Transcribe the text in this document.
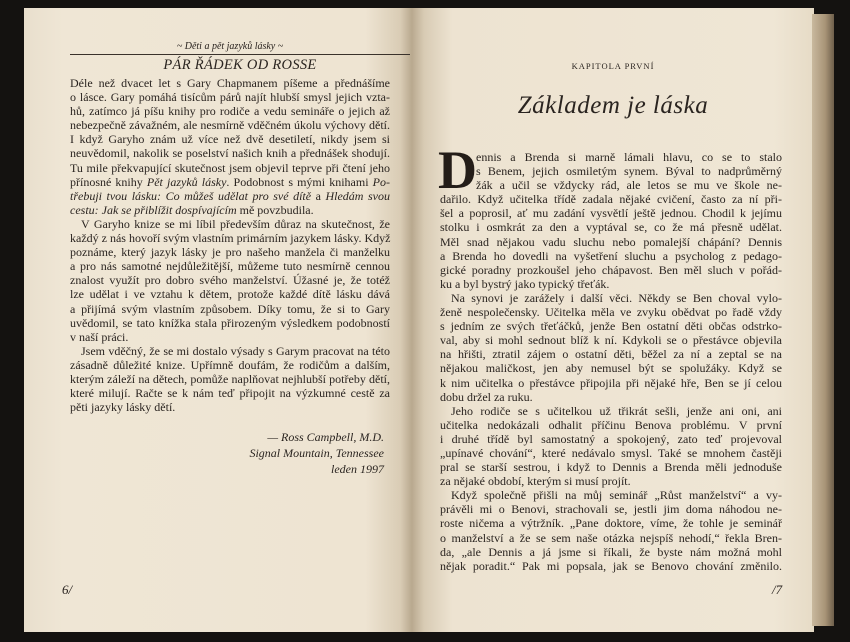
~ Děti a pět jazyků lásky ~
PÁR ŘÁDEK OD ROSSE
Déle než dvacet let s Gary Chapmanem píšeme a přednášíme
o lásce. Gary pomáhá tisícům párů najít hlubší smysl jejich vzta-
hů, zatímco já píšu knihy pro rodiče a vedu semináře o jejich až
nebezpečně závažném, ale nesmírně vděčném úkolu výchovy dětí.
I když Garyho znám už více než dvě desetiletí, nikdy jsem si
neuvědomil, nakolik se poselství našich knih a přednášek shodují.
Tu mile překvapující skutečnost jsem objevil teprve při čtení jeho
přínosné knihy Pět jazyků lásky. Podobnost s mými knihami Po-
třebuji tvou lásku: Co můžeš udělat pro své dítě a Hledám svou
cestu: Jak se přiblížit dospívajícím mě povzbudila.
V Garyho knize se mi líbil především důraz na skutečnost, že
každý z nás hovoří svým vlastním primárním jazykem lásky. Když
poznáme, který jazyk lásky je pro našeho manžela či manželku
a pro nás samotné nejdůležitější, můžeme tuto nesmírně cennou
znalost využít pro dobro svého manželství. Úžasné je, že totéž
lze udělat i ve vztahu k dětem, protože každé dítě lásku dává
a přijímá svým vlastním způsobem. Díky tomu, že si to Gary
uvědomil, se tato knížka stala přirozeným výsledkem podobností
v naší práci.
Jsem vděčný, že se mi dostalo výsady s Garym pracovat na této
zásadně důležité knize. Upřímně doufám, že rodičům a dalším,
kterým záleží na dětech, pomůže naplňovat nejhlubší potřeby dětí,
které milují. Račte se k nám teď připojit na výzkumné cestě za
pěti jazyky lásky dětí.
— Ross Campbell, M.D.
Signal Mountain, Tennessee
leden 1997
6/
KAPITOLA PRVNÍ
Základem je láska
D ennis a Brenda si marně lámali hlavu, co se to stalo
s Benem, jejich osmiletým synem. Býval to nadprůměrný
žák a učil se vždycky rád, ale letos se mu ve škole ne-
dařilo. Když učitelka třídě zadala nějaké cvičení, často za ní při-
šel a poprosil, ať mu zadání vysvětlí ještě jednou. Chodil k jejímu
stolku i osmkrát za den a vyptával se, co že má přesně udělat.
Měl snad nějakou vadu sluchu nebo pomalejší chápání? Dennis
a Brenda ho dovedli na vyšetření sluchu a psycholog z pedago-
gické poradny prozkoušel jeho chápavost. Ben měl sluch v pořád-
ku a byl bystrý jako typický třeťák.
Na synovi je zarážely i další věci. Někdy se Ben choval vylo-
ženě nespolečensky. Učitelka měla ve zvyku obědvat po řadě vždy
s jedním ze svých třeťáčků, jenže Ben ostatní děti občas odstrko-
val, aby si mohl sednout blíž k ní. Kdykoli se o přestávce objevila
na hřišti, ztratil zájem o ostatní děti, běžel za ní a zeptal se na
nějakou maličkost, jen aby nemusel být se spolužáky. Když se
k nim učitelka o přestávce připojila při nějaké hře, Ben se jí celou
dobu držel za ruku.
Jeho rodiče se s učitelkou už třikrát sešli, jenže ani oni, ani
učitelka nedokázali odhalit příčinu Benova problému. V první
i druhé třídě byl samostatný a spokojený, zato teď projevoval
„upínavé chování“, které nedávalo smysl. Také se mnohem častěji
pral se starší sestrou, i když to Dennis a Brenda měli jednoduše
za nějaké období, kterým si musí projít.
Když společně přišli na můj seminář „Růst manželství“ a vy-
právěli mi o Benovi, strachovali se, jestli jim doma náhodou ne-
roste ničema a výtržník. „Pane doktore, víme, že tohle je seminář
o manželství a že se sem naše otázka nejspíš nehodí,“ řekla Bren-
da, „ale Dennis a já jsme si říkali, že byste nám možná mohl
nějak poradit.“ Pak mi popsala, jak se Benovo chování změnilo.
/7
